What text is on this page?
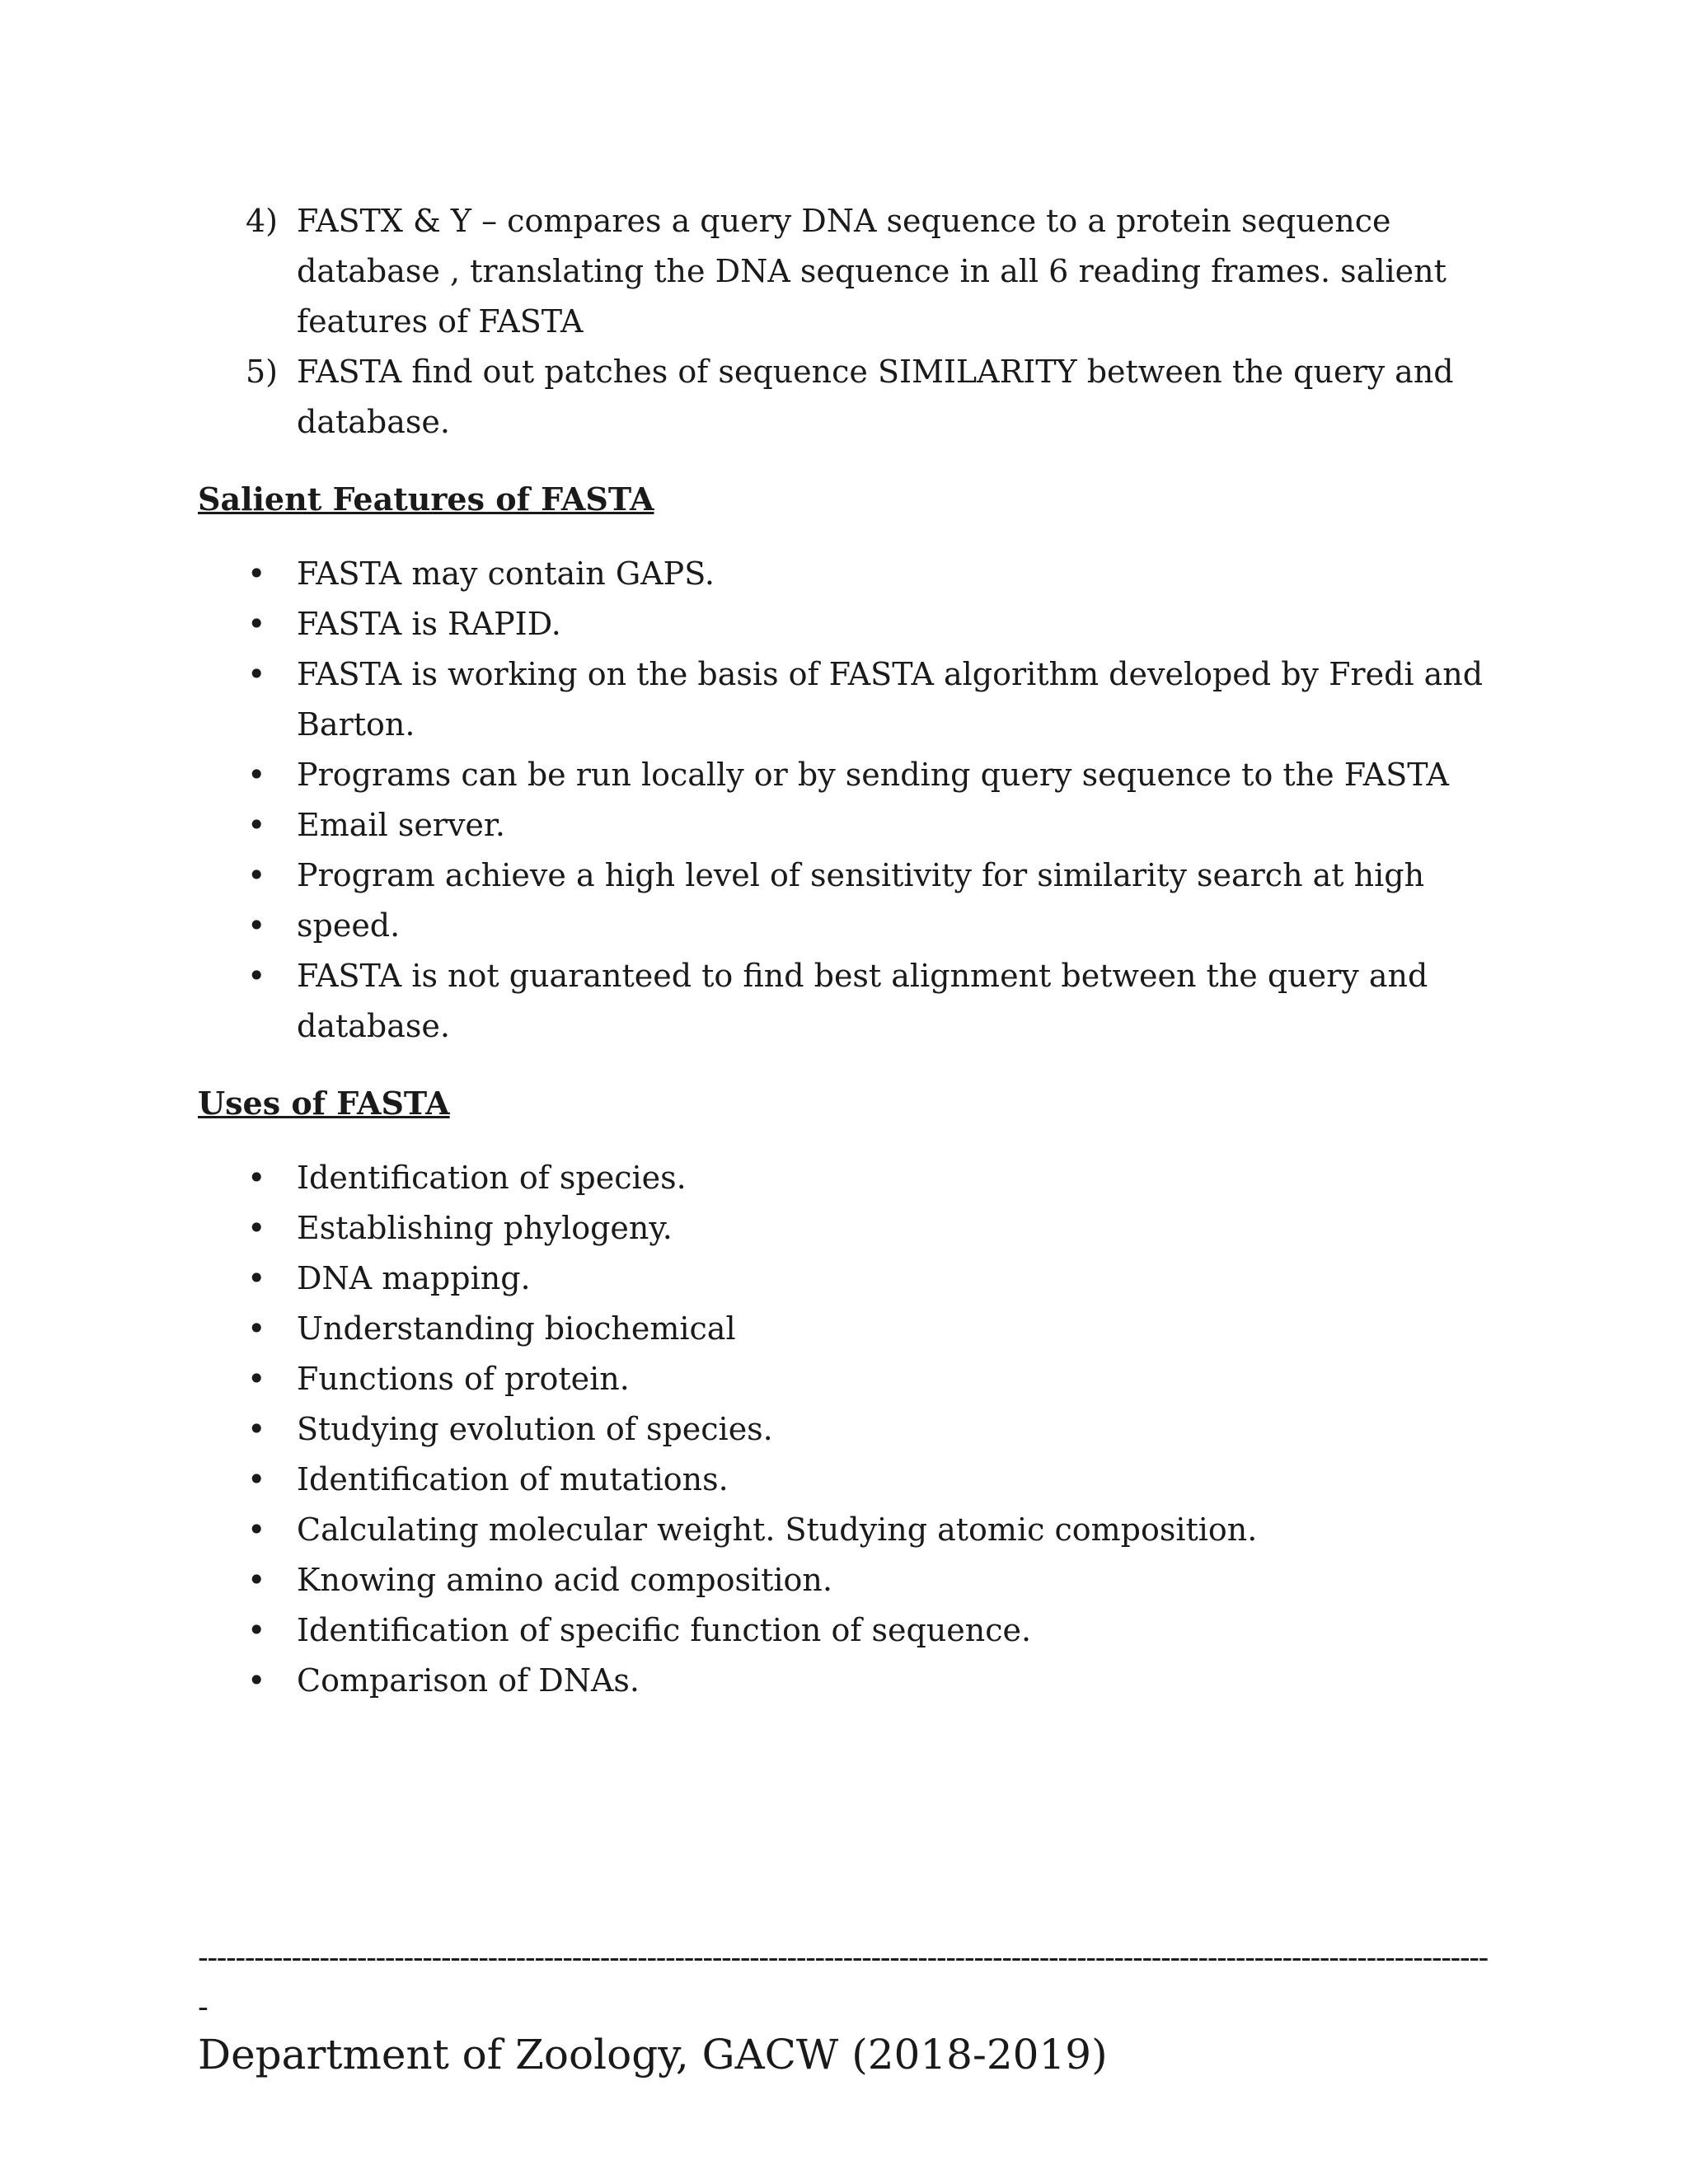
4) FASTX & Y – compares a query DNA sequence to a protein sequence database , translating the DNA sequence in all 6 reading frames. salient features of FASTA
5) FASTA find out patches of sequence SIMILARITY between the query and database.
Salient Features of FASTA
• FASTA may contain GAPS.
• FASTA is RAPID.
• FASTA is working on the basis of FASTA algorithm developed by Fredi and Barton.
• Programs can be run locally or by sending query sequence to the FASTA
• Email server.
• Program achieve a high level of sensitivity for similarity search at high
• speed.
• FASTA is not guaranteed to find best alignment between the query and database.
Uses of FASTA
• Identification of species.
• Establishing phylogeny.
• DNA mapping.
• Understanding biochemical
• Functions of protein.
• Studying evolution of species.
• Identification of mutations.
• Calculating molecular weight. Studying atomic composition.
• Knowing amino acid composition.
• Identification of specific function of sequence.
• Comparison of DNAs.
-------------------------------------------------------------------------------------------------------------------------------------------
Department of Zoology, GACW (2018-2019)
